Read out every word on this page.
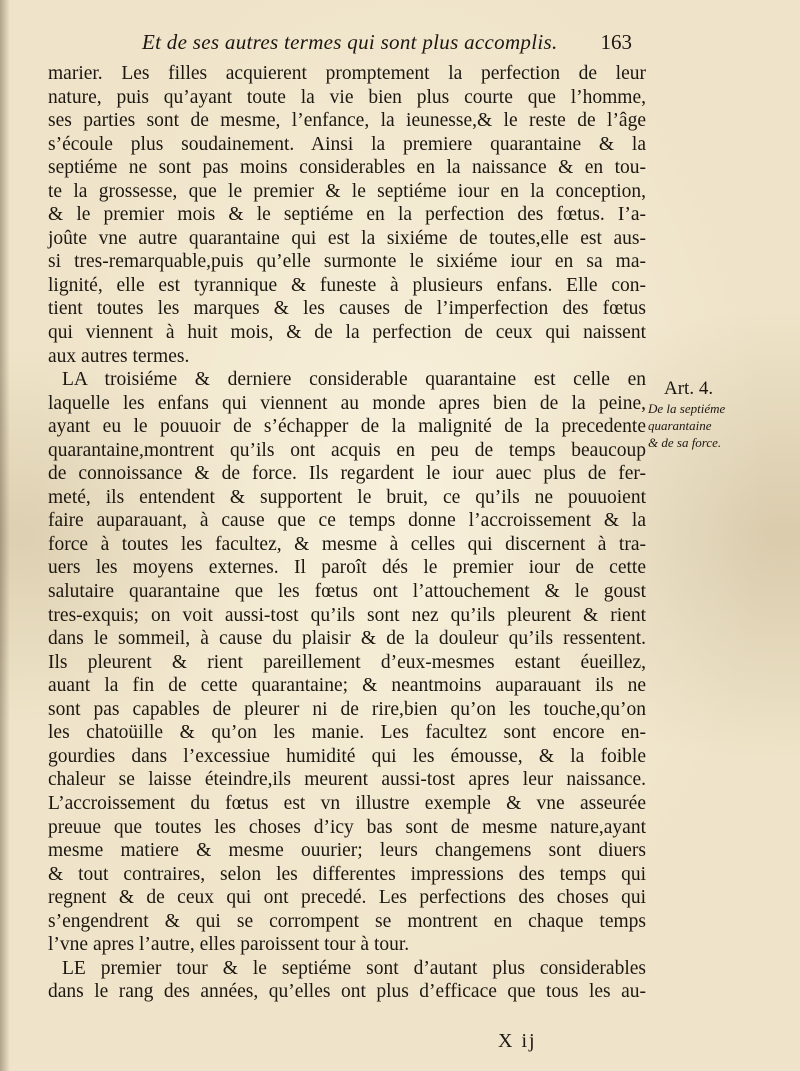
Et de ses autres termes qui sont plus accomplis. 163
marier. Les filles acquierent promptement la perfection de leur
nature, puis qu’ayant toute la vie bien plus courte que l’homme,
ses parties sont de mesme, l’enfance, la ieunesse,& le reste de l’âge
s’écoule plus soudainement. Ainsi la premiere quarantaine & la
septiéme ne sont pas moins considerables en la naissance & en tou-
te la grossesse, que le premier & le septiéme iour en la conception,
& le premier mois & le septiéme en la perfection des fœtus. I’a-
joûte vne autre quarantaine qui est la sixiéme de toutes,elle est aus-
si tres-remarquable,puis qu’elle surmonte le sixiéme iour en sa ma-
lignité, elle est tyrannique & funeste à plusieurs enfans. Elle con-
tient toutes les marques & les causes de l’imperfection des fœtus
qui viennent à huit mois, & de la perfection de ceux qui naissent
aux autres termes.
LA troisiéme & derniere considerable quarantaine est celle en
laquelle les enfans qui viennent au monde apres bien de la peine,
ayant eu le pouuoir de s’échapper de la malignité de la precedente
quarantaine,montrent qu’ils ont acquis en peu de temps beaucoup
de connoissance & de force. Ils regardent le iour auec plus de fer-
meté, ils entendent & supportent le bruit, ce qu’ils ne pouuoient
faire auparauant, à cause que ce temps donne l’accroissement & la
force à toutes les facultez, & mesme à celles qui discernent à tra-
uers les moyens externes. Il paroît dés le premier iour de cette
salutaire quarantaine que les fœtus ont l’attouchement & le goust
tres-exquis; on voit aussi-tost qu’ils sont nez qu’ils pleurent & rient
dans le sommeil, à cause du plaisir & de la douleur qu’ils ressentent.
Ils pleurent & rient pareillement d’eux-mesmes estant éueillez,
auant la fin de cette quarantaine; & neantmoins auparauant ils ne
sont pas capables de pleurer ni de rire,bien qu’on les touche,qu’on
les chatoüille & qu’on les manie. Les facultez sont encore en-
gourdies dans l’excessiue humidité qui les émousse, & la foible
chaleur se laisse éteindre,ils meurent aussi-tost apres leur naissance.
L’accroissement du fœtus est vn illustre exemple & vne asseurée
preuue que toutes les choses d’icy bas sont de mesme nature,ayant
mesme matiere & mesme ouurier; leurs changemens sont diuers
& tout contraires, selon les differentes impressions des temps qui
regnent & de ceux qui ont precedé. Les perfections des choses qui
s’engendrent & qui se corrompent se montrent en chaque temps
l’vne apres l’autre, elles paroissent tour à tour.
LE premier tour & le septiéme sont d’autant plus considerables
dans le rang des années, qu’elles ont plus d’efficace que tous les au-
Art. 4.
De la septiéme
quarantaine
& de sa force.
X ij
